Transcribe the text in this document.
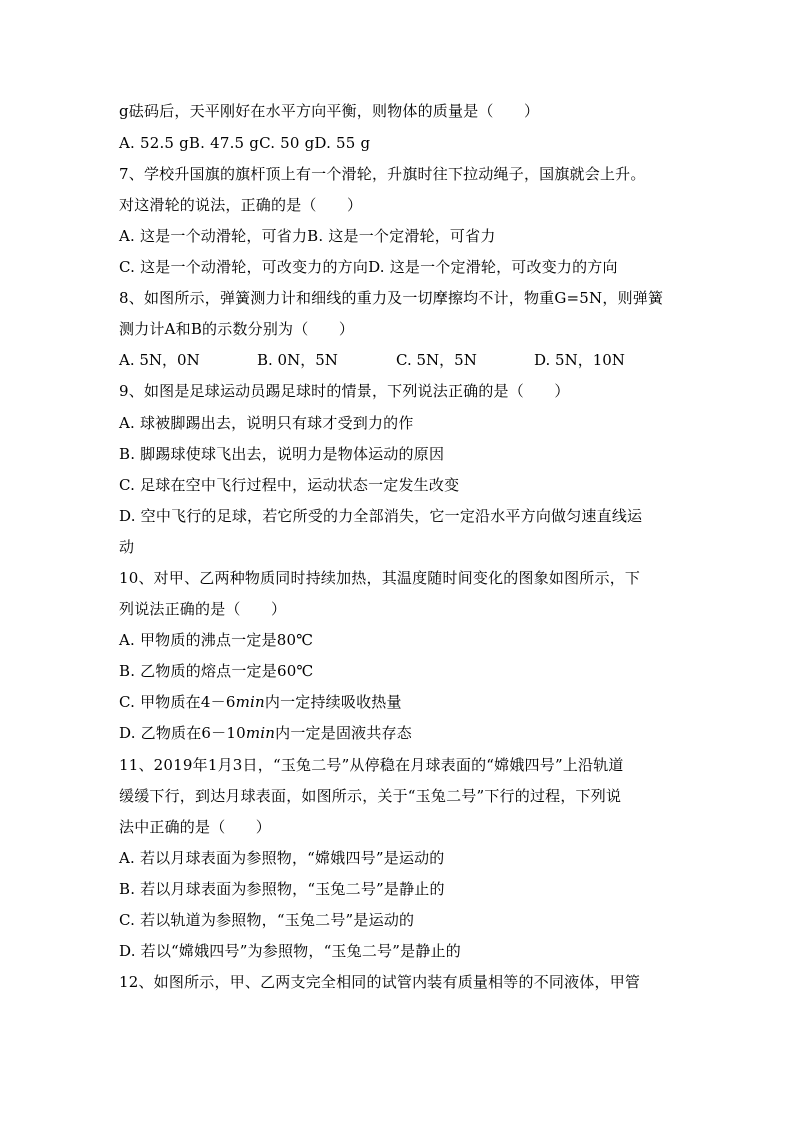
g砝码后，天平刚好在水平方向平衡，则物体的质量是（　　）
A. 52.5 gB. 47.5 gC. 50 gD. 55 g
7、学校升国旗的旗杆顶上有一个滑轮，升旗时往下拉动绳子，国旗就会上升。
对这滑轮的说法，正确的是（　　）
A. 这是一个动滑轮，可省力B. 这是一个定滑轮，可省力
C. 这是一个动滑轮，可改变力的方向D. 这是一个定滑轮，可改变力的方向
8、如图所示，弹簧测力计和细线的重力及一切摩擦均不计，物重G=5N，则弹簧
测力计A和B的示数分别为（　　）
A. 5N，0N	B. 0N，5N	C. 5N，5N	D. 5N，10N
9、如图是足球运动员踢足球时的情景，下列说法正确的是（　　）
A. 球被脚踢出去，说明只有球才受到力的作
B. 脚踢球使球飞出去，说明力是物体运动的原因
C. 足球在空中飞行过程中，运动状态一定发生改变
D. 空中飞行的足球，若它所受的力全部消失，它一定沿水平方向做匀速直线运
动
10、对甲、乙两种物质同时持续加热，其温度随时间变化的图象如图所示，下
列说法正确的是（　　）
A. 甲物质的沸点一定是80℃
B. 乙物质的熔点一定是60℃
C. 甲物质在4－6min内一定持续吸收热量
D. 乙物质在6－10min内一定是固液共存态
11、2019年1月3日，“玉兔二号”从停稳在月球表面的“嫦娥四号”上沿轨道
缓缓下行，到达月球表面，如图所示，关于“玉兔二号”下行的过程，下列说
法中正确的是（　　）
A. 若以月球表面为参照物，“嫦娥四号”是运动的
B. 若以月球表面为参照物，“玉兔二号”是静止的
C. 若以轨道为参照物，“玉兔二号”是运动的
D. 若以“嫦娥四号”为参照物，“玉兔二号”是静止的
12、如图所示，甲、乙两支完全相同的试管内装有质量相等的不同液体，甲管
